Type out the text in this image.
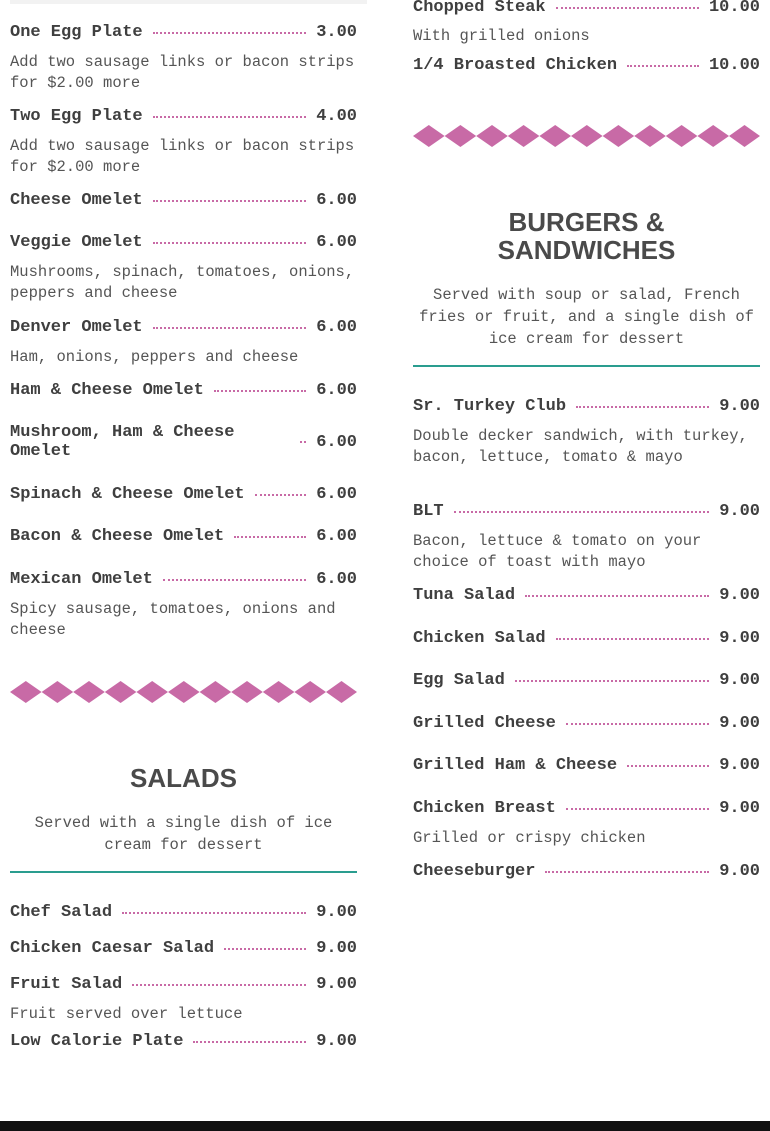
One Egg Plate	3.00
Add two sausage links or bacon strips for $2.00 more
Two Egg Plate	4.00
Add two sausage links or bacon strips for $2.00 more
Cheese Omelet	6.00
Veggie Omelet	6.00
Mushrooms, spinach, tomatoes, onions, peppers and cheese
Denver Omelet	6.00
Ham, onions, peppers and cheese
Ham & Cheese Omelet	6.00
Mushroom, Ham & Cheese Omelet	6.00
Spinach & Cheese Omelet	6.00
Bacon & Cheese Omelet	6.00
Mexican Omelet	6.00
Spicy sausage, tomatoes, onions and cheese
SALADS
Served with a single dish of ice cream for dessert
Chef Salad	9.00
Chicken Caesar Salad	9.00
Fruit Salad	9.00
Fruit served over lettuce
Low Calorie Plate	9.00
Chopped Steak	10.00
With grilled onions
1/4 Broasted Chicken	10.00
BURGERS &
SANDWICHES
Served with soup or salad, French fries or fruit, and a single dish of ice cream for dessert
Sr. Turkey Club	9.00
Double decker sandwich, with turkey, bacon, lettuce, tomato & mayo
BLT	9.00
Bacon, lettuce & tomato on your choice of toast with mayo
Tuna Salad	9.00
Chicken Salad	9.00
Egg Salad	9.00
Grilled Cheese	9.00
Grilled Ham & Cheese	9.00
Chicken Breast	9.00
Grilled or crispy chicken
Cheeseburger	9.00
